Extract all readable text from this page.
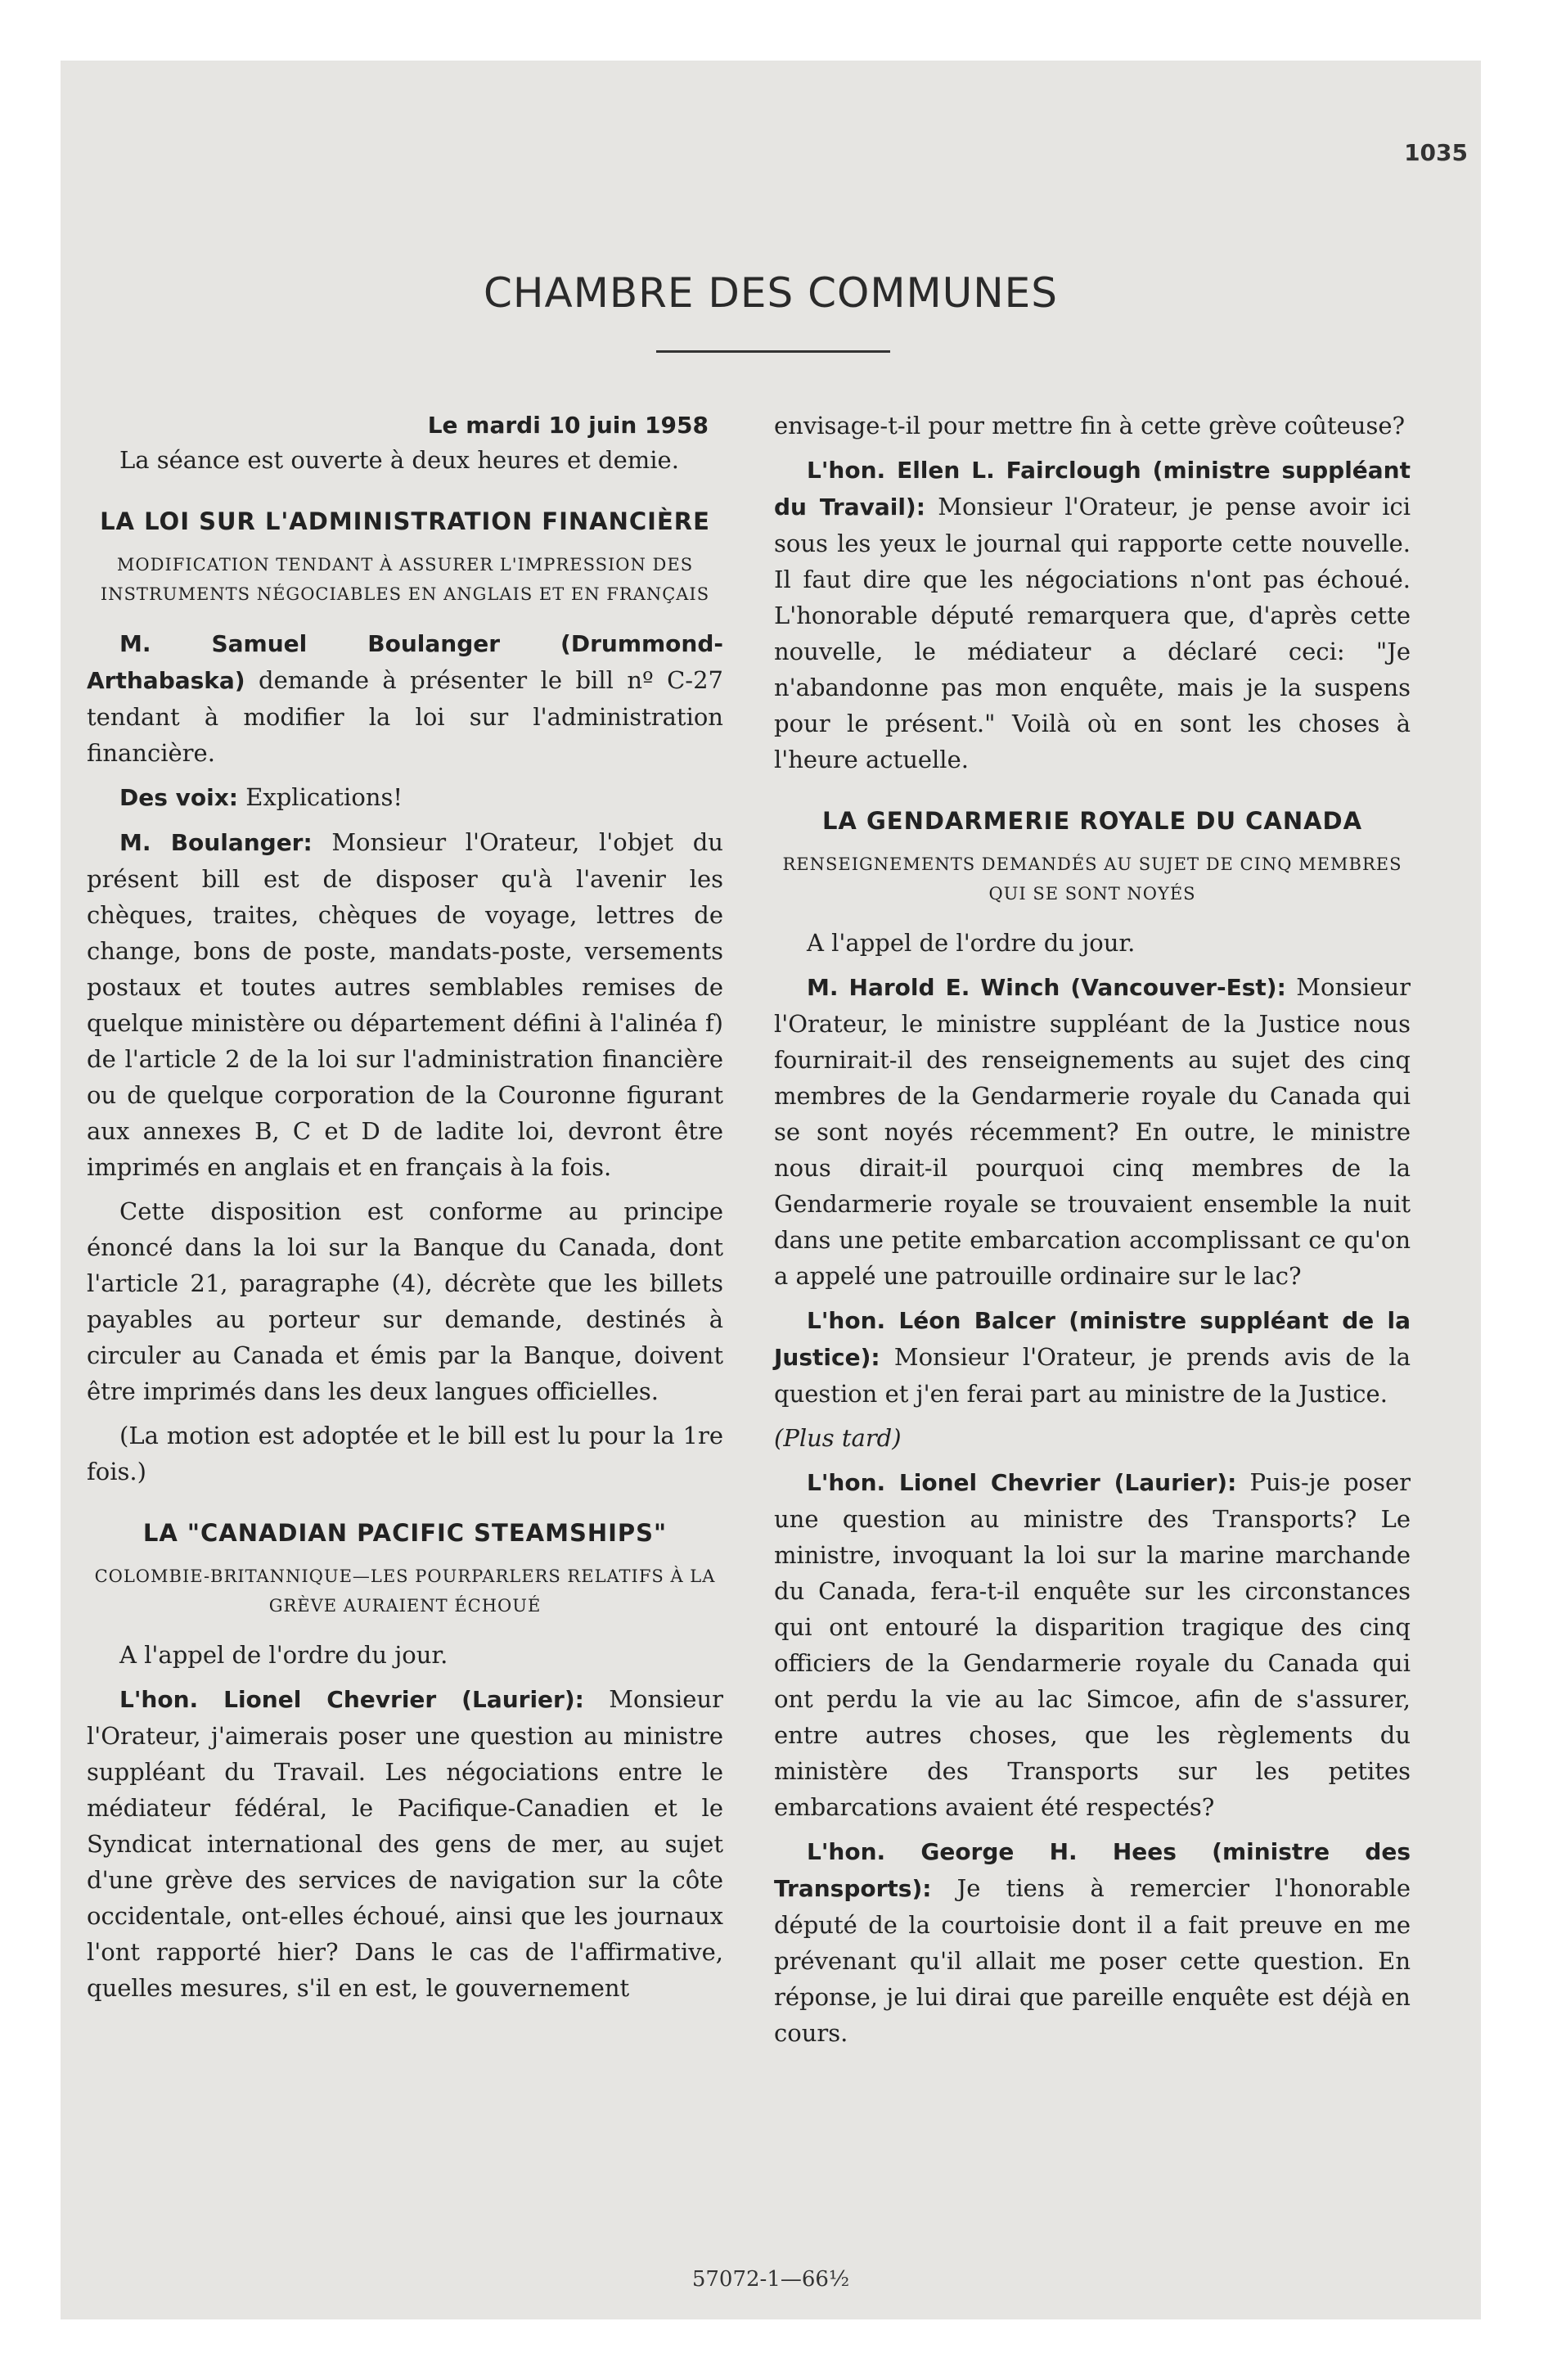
1035
CHAMBRE DES COMMUNES
Le mardi 10 juin 1958

La séance est ouverte à deux heures et demie.

LA LOI SUR L'ADMINISTRATION FINANCIÈRE
MODIFICATION TENDANT À ASSURER L'IMPRESSION DES INSTRUMENTS NÉGOCIABLES EN ANGLAIS ET EN FRANÇAIS

M. Samuel Boulanger (Drummond-Arthabaska) demande à présenter le bill nº C-27 tendant à modifier la loi sur l'administration financière.

Des voix: Explications!

M. Boulanger: Monsieur l'Orateur, l'objet du présent bill est de disposer qu'à l'avenir les chèques, traites, chèques de voyage, lettres de change, bons de poste, mandats-poste, versements postaux et toutes autres semblables remises de quelque ministère ou département défini à l'alinéa f) de l'article 2 de la loi sur l'administration financière ou de quelque corporation de la Couronne figurant aux annexes B, C et D de ladite loi, devront être imprimés en anglais et en français à la fois.

Cette disposition est conforme au principe énoncé dans la loi sur la Banque du Canada, dont l'article 21, paragraphe (4), décrète que les billets payables au porteur sur demande, destinés à circuler au Canada et émis par la Banque, doivent être imprimés dans les deux langues officielles.

(La motion est adoptée et le bill est lu pour la 1re fois.)

LA "CANADIAN PACIFIC STEAMSHIPS"
COLOMBIE-BRITANNIQUE—LES POURPARLERS RELATIFS À LA GRÈVE AURAIENT ÉCHOUÉ

A l'appel de l'ordre du jour.

L'hon. Lionel Chevrier (Laurier): Monsieur l'Orateur, j'aimerais poser une question au ministre suppléant du Travail. Les négociations entre le médiateur fédéral, le Pacifique-Canadien et le Syndicat international des gens de mer, au sujet d'une grève des services de navigation sur la côte occidentale, ont-elles échoué, ainsi que les journaux l'ont rapporté hier? Dans le cas de l'affirmative, quelles mesures, s'il en est, le gouvernement

envisage-t-il pour mettre fin à cette grève coûteuse?

L'hon. Ellen L. Fairclough (ministre suppléant du Travail): Monsieur l'Orateur, je pense avoir ici sous les yeux le journal qui rapporte cette nouvelle. Il faut dire que les négociations n'ont pas échoué. L'honorable député remarquera que, d'après cette nouvelle, le médiateur a déclaré ceci: "Je n'abandonne pas mon enquête, mais je la suspens pour le présent." Voilà où en sont les choses à l'heure actuelle.

LA GENDARMERIE ROYALE DU CANADA
RENSEIGNEMENTS DEMANDÉS AU SUJET DE CINQ MEMBRES QUI SE SONT NOYÉS

A l'appel de l'ordre du jour.

M. Harold E. Winch (Vancouver-Est): Monsieur l'Orateur, le ministre suppléant de la Justice nous fournirait-il des renseignements au sujet des cinq membres de la Gendarmerie royale du Canada qui se sont noyés récemment? En outre, le ministre nous dirait-il pourquoi cinq membres de la Gendarmerie royale se trouvaient ensemble la nuit dans une petite embarcation accomplissant ce qu'on a appelé une patrouille ordinaire sur le lac?

L'hon. Léon Balcer (ministre suppléant de la Justice): Monsieur l'Orateur, je prends avis de la question et j'en ferai part au ministre de la Justice.

(Plus tard)

L'hon. Lionel Chevrier (Laurier): Puis-je poser une question au ministre des Transports? Le ministre, invoquant la loi sur la marine marchande du Canada, fera-t-il enquête sur les circonstances qui ont entouré la disparition tragique des cinq officiers de la Gendarmerie royale du Canada qui ont perdu la vie au lac Simcoe, afin de s'assurer, entre autres choses, que les règlements du ministère des Transports sur les petites embarcations avaient été respectés?

L'hon. George H. Hees (ministre des Transports): Je tiens à remercier l'honorable député de la courtoisie dont il a fait preuve en me prévenant qu'il allait me poser cette question. En réponse, je lui dirai que pareille enquête est déjà en cours.

57072-1—66½
